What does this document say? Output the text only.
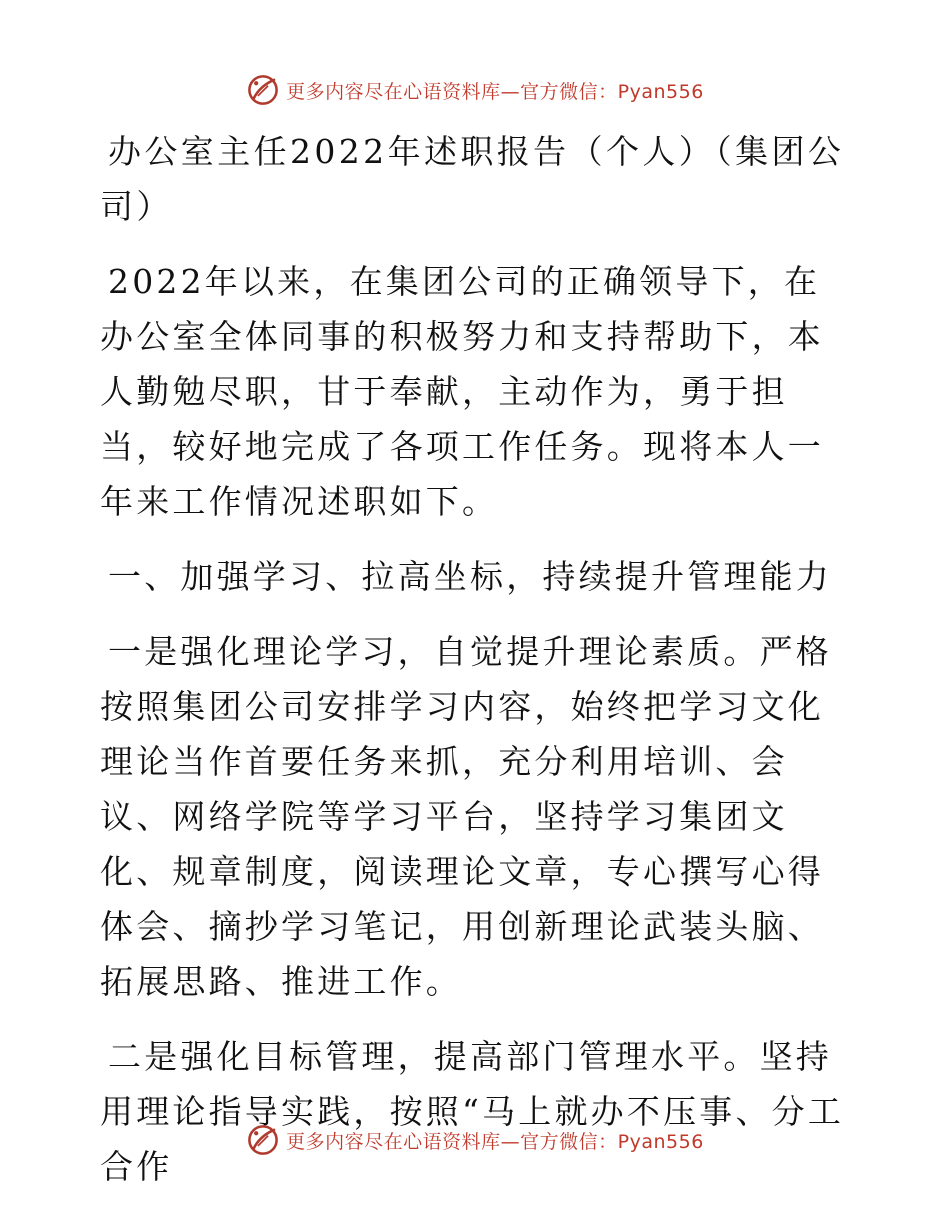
更多内容尽在心语资料库—官方微信：Pyan556

办公室主任2022年述职报告（个人）（集团公司）

2022年以来，在集团公司的正确领导下，在办公室全体同事的积极努力和支持帮助下，本人勤勉尽职，甘于奉献，主动作为，勇于担当，较好地完成了各项工作任务。现将本人一年来工作情况述职如下。

一、加强学习、拉高坐标，持续提升管理能力

一是强化理论学习，自觉提升理论素质。严格按照集团公司安排学习内容，始终把学习文化理论当作首要任务来抓，充分利用培训、会议、网络学院等学习平台，坚持学习集团文化、规章制度，阅读理论文章，专心撰写心得体会、摘抄学习笔记，用创新理论武装头脑、拓展思路、推进工作。

二是强化目标管理，提高部门管理水平。坚持用理论指导实践，按照“马上就办不压事、分工合作

更多内容尽在心语资料库—官方微信：Pyan556
